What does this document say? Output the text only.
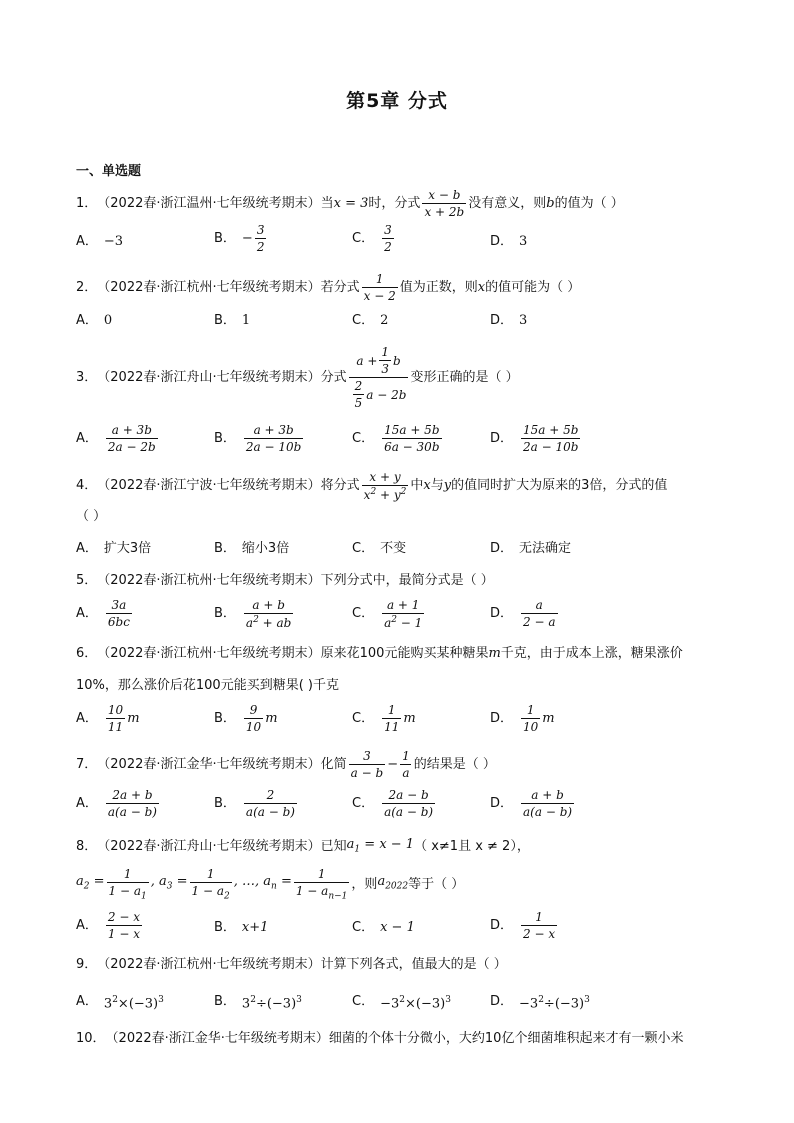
第5章 分式
一、单选题
1． （2022春·浙江温州·七年级统考期末） 当 x = 3 时，分式 $\frac{x - b}{x + 2b}$ 没有意义，则 b 的值为（ ）
A． −3	B． − $\frac{3}{2}$	C． $\frac{3}{2}$	D． 3
2． （2022春·浙江杭州·七年级统考期末） 若分式 $\frac{1}{x - 2}$ 值为正数，则 x 的值可能为（ ）
A． 0	B． 1	C． 2	D． 3
3． （2022春·浙江舟山·七年级统考期末） 分式 $\frac{a + \frac{1}{3} b}{\frac{2}{5} a - 2b}$ 变形正确的是（ ）
A． $\frac{a + 3b}{2a - 2b}$	B． $\frac{a + 3b}{2a - 10b}$	C． $\frac{15a + 5b}{6a - 30b}$	D． $\frac{15a + 5b}{2a - 10b}$
4． （2022春·浙江宁波·七年级统考期末） 将分式 $\frac{x + y}{x^2 + y^2}$ 中 x 与 y 的值同时扩大为原来的3倍，分式的值
（ ）
A． 扩大3倍	B． 缩小3倍	C． 不变	D． 无法确定
5． （2022春·浙江杭州·七年级统考期末） 下列分式中，最简分式是（ ）
A． $\frac{3a}{6bc}$	B． $\frac{a + b}{a^2 + ab}$	C． $\frac{a + 1}{a^2 - 1}$	D． $\frac{a}{2 - a}$
6． （2022春·浙江杭州·七年级统考期末） 原来花100元能购买某种糖果 m 千克，由于成本上涨，糖果涨价
10%，那么涨价后花100元能买到糖果( )千克
A． $\frac{10}{11}$ m	B． $\frac{9}{10}$ m	C． $\frac{1}{11}$ m	D． $\frac{1}{10}$ m
7． （2022春·浙江金华·七年级统考期末） 化简 $\frac{3}{a - b} - \frac{1}{a}$ 的结果是（ ）
A． $\frac{2a + b}{a(a - b)}$	B． $\frac{2}{a(a - b)}$	C． $\frac{2a - b}{a(a - b)}$	D． $\frac{a + b}{a(a - b)}$
8． （2022春·浙江舟山·七年级统考期末） 已知 $a_1 = x - 1$ （ x≠1且 x ≠ 2），
$a_2 = \frac{1}{1 - a_1}$ , $a_3 = \frac{1}{1 - a_2}$ , …, $a_n = \frac{1}{1 - a_{n-1}}$ ，则 $a_{2022}$ 等于（ ）
A． $\frac{2 - x}{1 - x}$	B． x+1	C． x − 1	D． $\frac{1}{2 - x}$
9． （2022春·浙江杭州·七年级统考期末） 计算下列各式，值最大的是（ ）
A． $3^2\times(-3)^3$	B． $3^2\div(-3)^3$	C． $-3^2\times(-3)^3$	D． $-3^2\div(-3)^3$
10． （2022春·浙江金华·七年级统考期末） 细菌的个体十分微小，大约10亿个细菌堆积起来才有一颗小米
